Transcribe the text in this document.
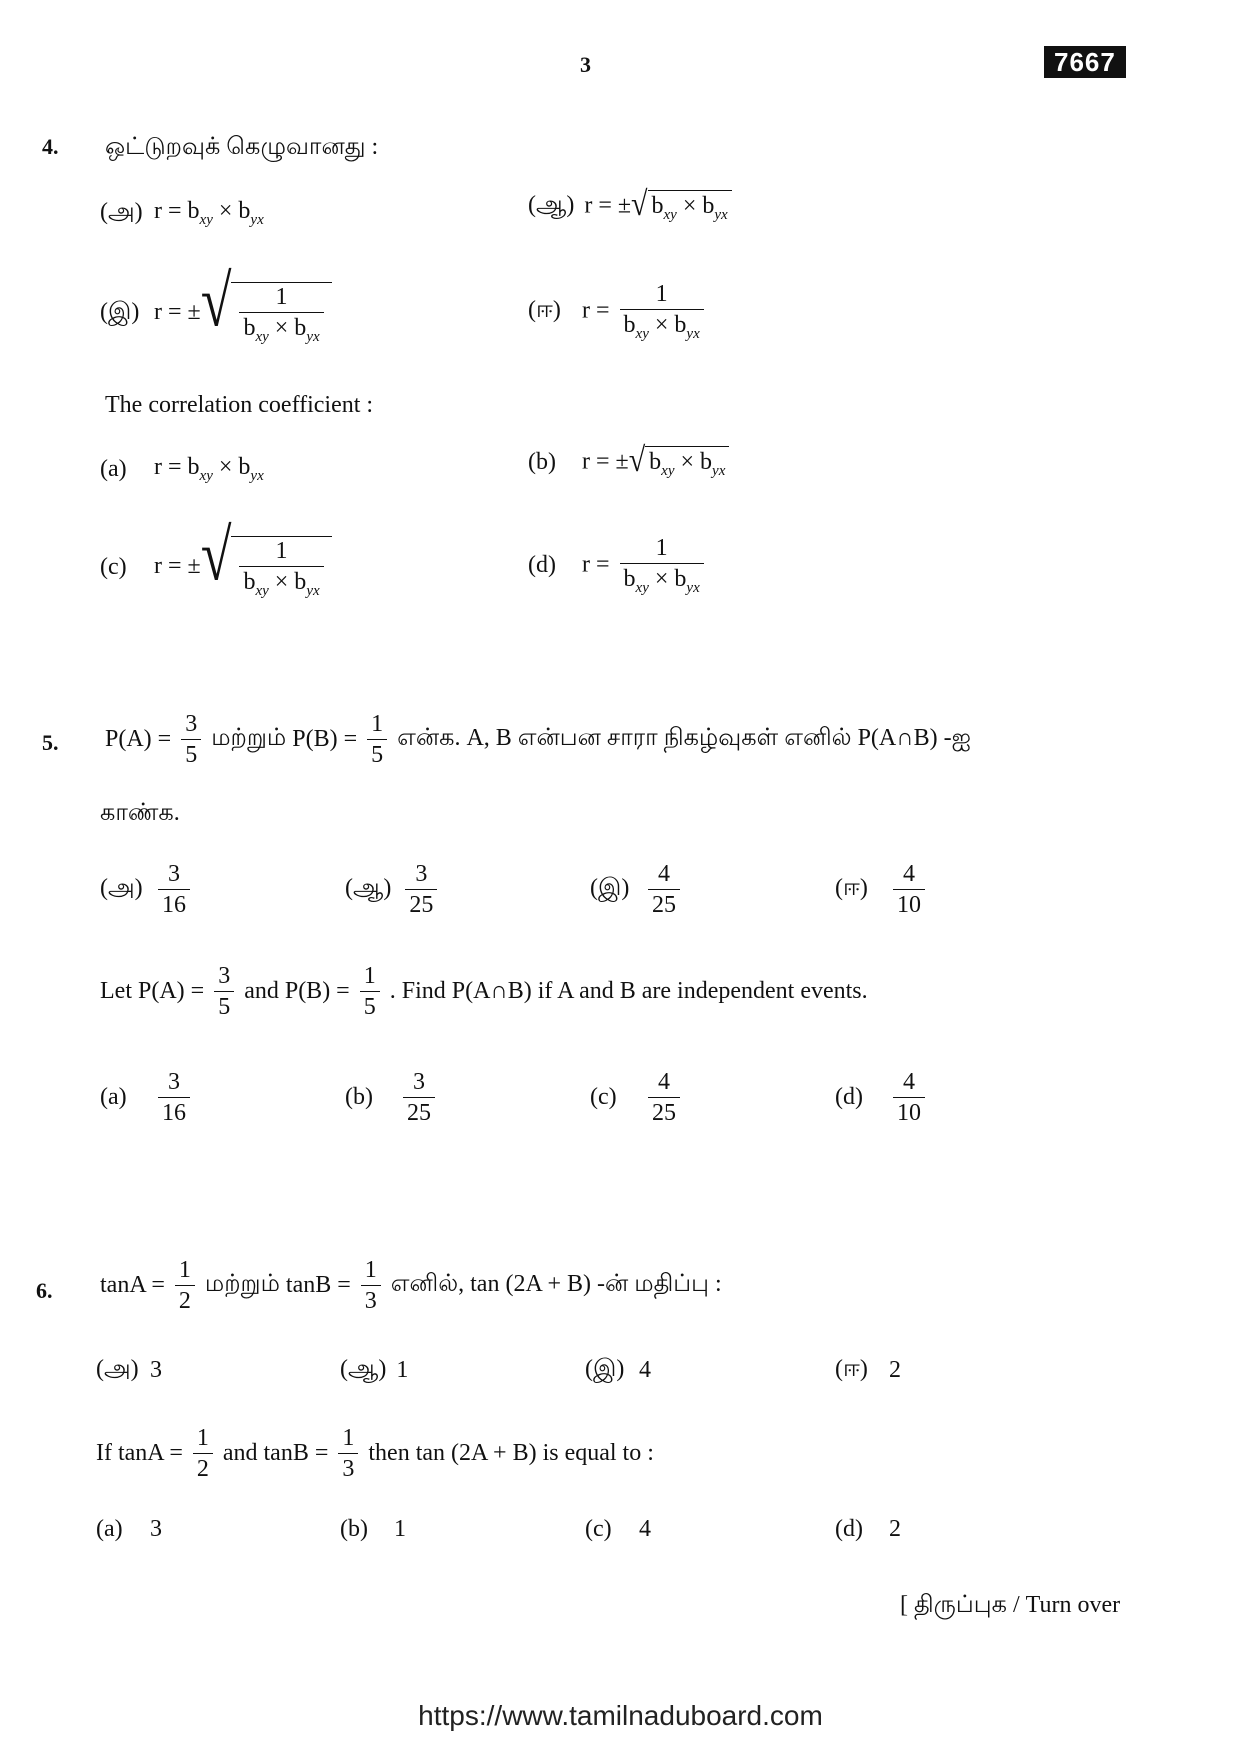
3	7667
4. ஒட்டுறவுக் கெழுவானது :
(அ) $r = b_{xy} \times b_{yx}$
(ஆ) r = ± √ $b_{xy} \times b_{yx}$
(இ) r = ± √ $\frac{1}{b_{xy} \times b_{yx}}$	(ஈ) $r = \frac{1}{b_{xy} \times b_{yx}}$
The correlation coefficient :
(a)	$r = b_{xy} \times b_{yx}$
(b)	r = ± √ $b_{xy} \times b_{yx}$
(c)	r = ± √ $\frac{1}{b_{xy} \times b_{yx}}$	(d)	$r = \frac{1}{b_{xy} \times b_{yx}}$
5. $P(A) = \frac{3}{5}$ மற்றும் $P(B) = \frac{1}{5}$ என்க. A, B என்பன சாரா நிகழ்வுகள் எனில் P(A∩B) -ஐ
காண்க.
(அ) $\frac{3}{16}$	(ஆ) $\frac{3}{25}$	(இ) $\frac{4}{25}$	(ஈ)	$\frac{4}{10}$
Let $P(A) = \frac{3}{5}$ and $P(B) = \frac{1}{5}$ . Find P(A∩B) if A and B are independent events.
(a)	$\frac{3}{16}$	(b)	$\frac{3}{25}$	(c)	$\frac{4}{25}$	(d)	$\frac{4}{10}$
6. $\tan A = \frac{1}{2}$ மற்றும் $\tan B = \frac{1}{3}$ எனில், tan (2A + B) -ன் மதிப்பு :
(அ) 3	(ஆ) 1	(இ) 4	(ஈ) 2
If $\tan A = \frac{1}{2}$ and $\tan B = \frac{1}{3}$ then tan (2A + B) is equal to :
(a)	3	(b)	1	(c)	4	(d)	2
[ திருப்புக / Turn over
https://www.tamilnaduboard.com
